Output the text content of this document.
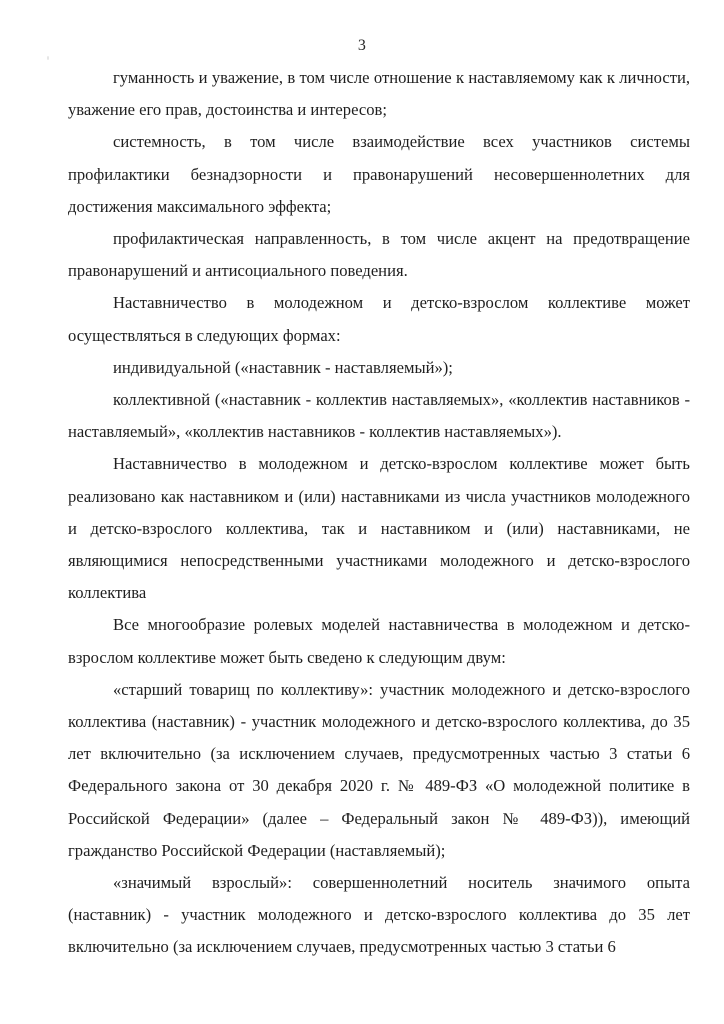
3

гуманность и уважение, в том числе отношение к наставляемому как к личности, уважение его прав, достоинства и интересов;

системность, в том числе взаимодействие всех участников системы профилактики безнадзорности и правонарушений несовершеннолетних для достижения максимального эффекта;

профилактическая направленность, в том числе акцент на предотвращение правонарушений и антисоциального поведения.

Наставничество в молодежном и детско-взрослом коллективе может осуществляться в следующих формах:

индивидуальной («наставник - наставляемый»);

коллективной («наставник - коллектив наставляемых», «коллектив наставников - наставляемый», «коллектив наставников - коллектив наставляемых»).

Наставничество в молодежном и детско-взрослом коллективе может быть реализовано как наставником и (или) наставниками из числа участников молодежного и детско-взрослого коллектива, так и наставником и (или) наставниками, не являющимися непосредственными участниками молодежного и детско-взрослого коллектива

Все многообразие ролевых моделей наставничества в молодежном и детско-взрослом коллективе может быть сведено к следующим двум:

«старший товарищ по коллективу»: участник молодежного и детско-взрослого коллектива (наставник) - участник молодежного и детско-взрослого коллектива, до 35 лет включительно (за исключением случаев, предусмотренных частью 3 статьи 6 Федерального закона от 30 декабря 2020 г. № 489-ФЗ «О молодежной политике в Российской Федерации» (далее – Федеральный закон № 489-ФЗ)), имеющий гражданство Российской Федерации (наставляемый);

«значимый взрослый»: совершеннолетний носитель значимого опыта (наставник) - участник молодежного и детско-взрослого коллектива до 35 лет включительно (за исключением случаев, предусмотренных частью 3 статьи 6
